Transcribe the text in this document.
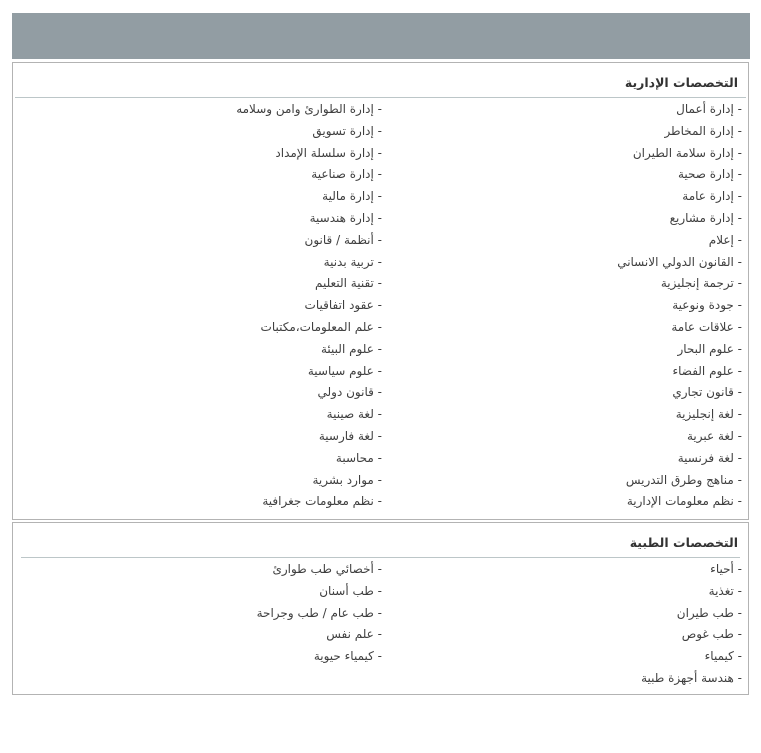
التخصصات الإدارية
- إدارة أعمال
- إدارة المخاطر
- إدارة سلامة الطيران
- إدارة صحية
- إدارة عامة
- إدارة مشاريع
- إعلام
- القانون الدولي الانساني
- ترجمة إنجليزية
- جودة ونوعية
- علاقات عامة
- علوم البحار
- علوم الفضاء
- قانون تجاري
- لغة إنجليزية
- لغة عبرية
- لغة فرنسية
- مناهج وطرق التدريس
- نظم معلومات الإدارية
- إدارة الطوارئ وامن وسلامه
- إدارة تسويق
- إدارة سلسلة الإمداد
- إدارة صناعية
- إدارة مالية
- إدارة هندسية
- أنظمة / قانون
- تربية بدنية
- تقنية التعليم
- عقود اتفاقيات
- علم المعلومات،مكتبات
- علوم البيئة
- علوم سياسية
- قانون دولي
- لغة صينية
- لغة فارسية
- محاسبة
- موارد بشرية
- نظم معلومات جغرافية
التخصصات الطبية
- أحياء
- تغذية
- طب طيران
- طب غوص
- كيمياء
- هندسة أجهزة طبية
- أخصائي طب طوارئ
- طب أسنان
- طب عام / طب وجراحة
- علم نفس
- كيمياء حيوية
